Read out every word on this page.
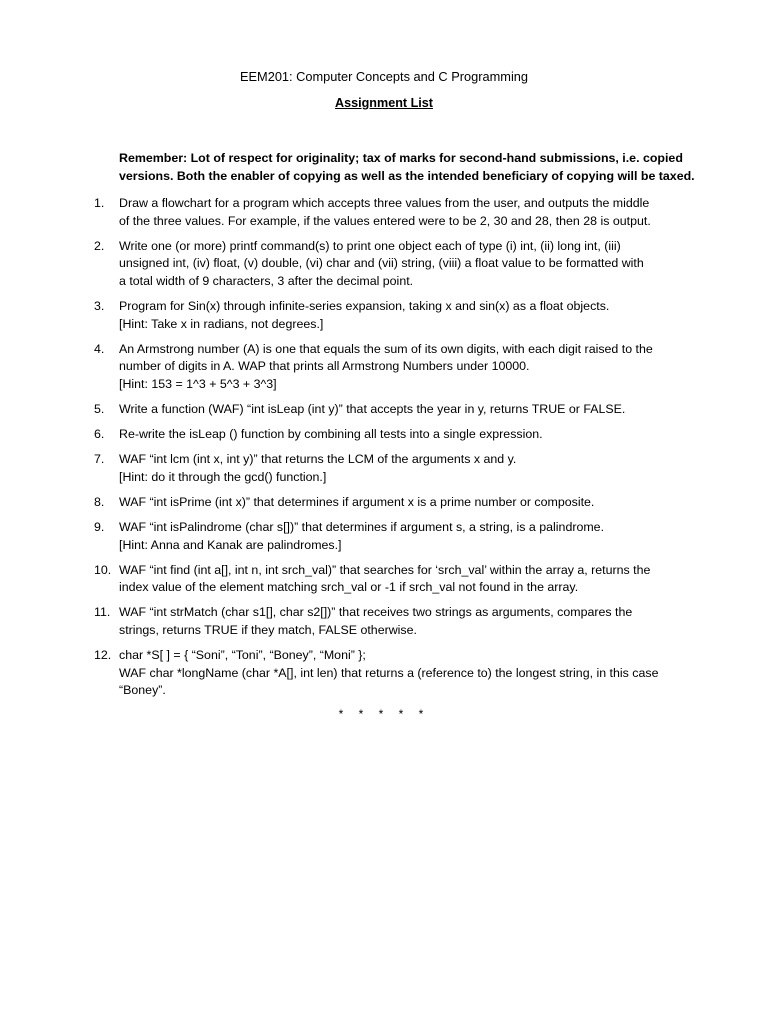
EEM201: Computer Concepts and C Programming
Assignment List
Remember: Lot of respect for originality; tax of marks for second-hand submissions, i.e. copied versions. Both the enabler of copying as well as the intended beneficiary of copying will be taxed.
1.	Draw a flowchart for a program which accepts three values from the user, and outputs the middle
of the three values. For example, if the values entered were to be 2, 30 and 28, then 28 is output.
2.	Write one (or more) printf command(s) to print one object each of type (i) int, (ii) long int, (iii)
unsigned int, (iv) float, (v) double, (vi) char and (vii) string, (viii) a float value to be formatted with
a total width of 9 characters, 3 after the decimal point.
3.	Program for Sin(x) through infinite-series expansion, taking x and sin(x) as a float objects.
[Hint: Take x in radians, not degrees.]
4.	An Armstrong number (A) is one that equals the sum of its own digits, with each digit raised to the
number of digits in A. WAP that prints all Armstrong Numbers under 10000.
[Hint: 153 = 1^3 + 5^3 + 3^3]
5.	Write a function (WAF) “int isLeap (int y)” that accepts the year in y, returns TRUE or FALSE.
6.	Re-write the isLeap () function by combining all tests into a single expression.
7.	WAF “int lcm (int x, int y)” that returns the LCM of the arguments x and y.
[Hint: do it through the gcd() function.]
8.	WAF “int isPrime (int x)” that determines if argument x is a prime number or composite.
9.	WAF “int isPalindrome (char s[])” that determines if argument s, a string, is a palindrome.
[Hint: Anna and Kanak are palindromes.]
10. WAF “int find (int a[], int n, int srch_val)” that searches for ‘srch_val’ within the array a, returns the
index value of the element matching srch_val or -1 if srch_val not found in the array.
11. WAF “int strMatch (char s1[], char s2[])” that receives two strings as arguments, compares the
strings, returns TRUE if they match, FALSE otherwise.
12. char *S[ ] = { “Soni”, “Toni”, “Boney”, “Moni” };
WAF char *longName (char *A[], int len) that returns a (reference to) the longest string, in this case
“Boney”.
* * * * *
